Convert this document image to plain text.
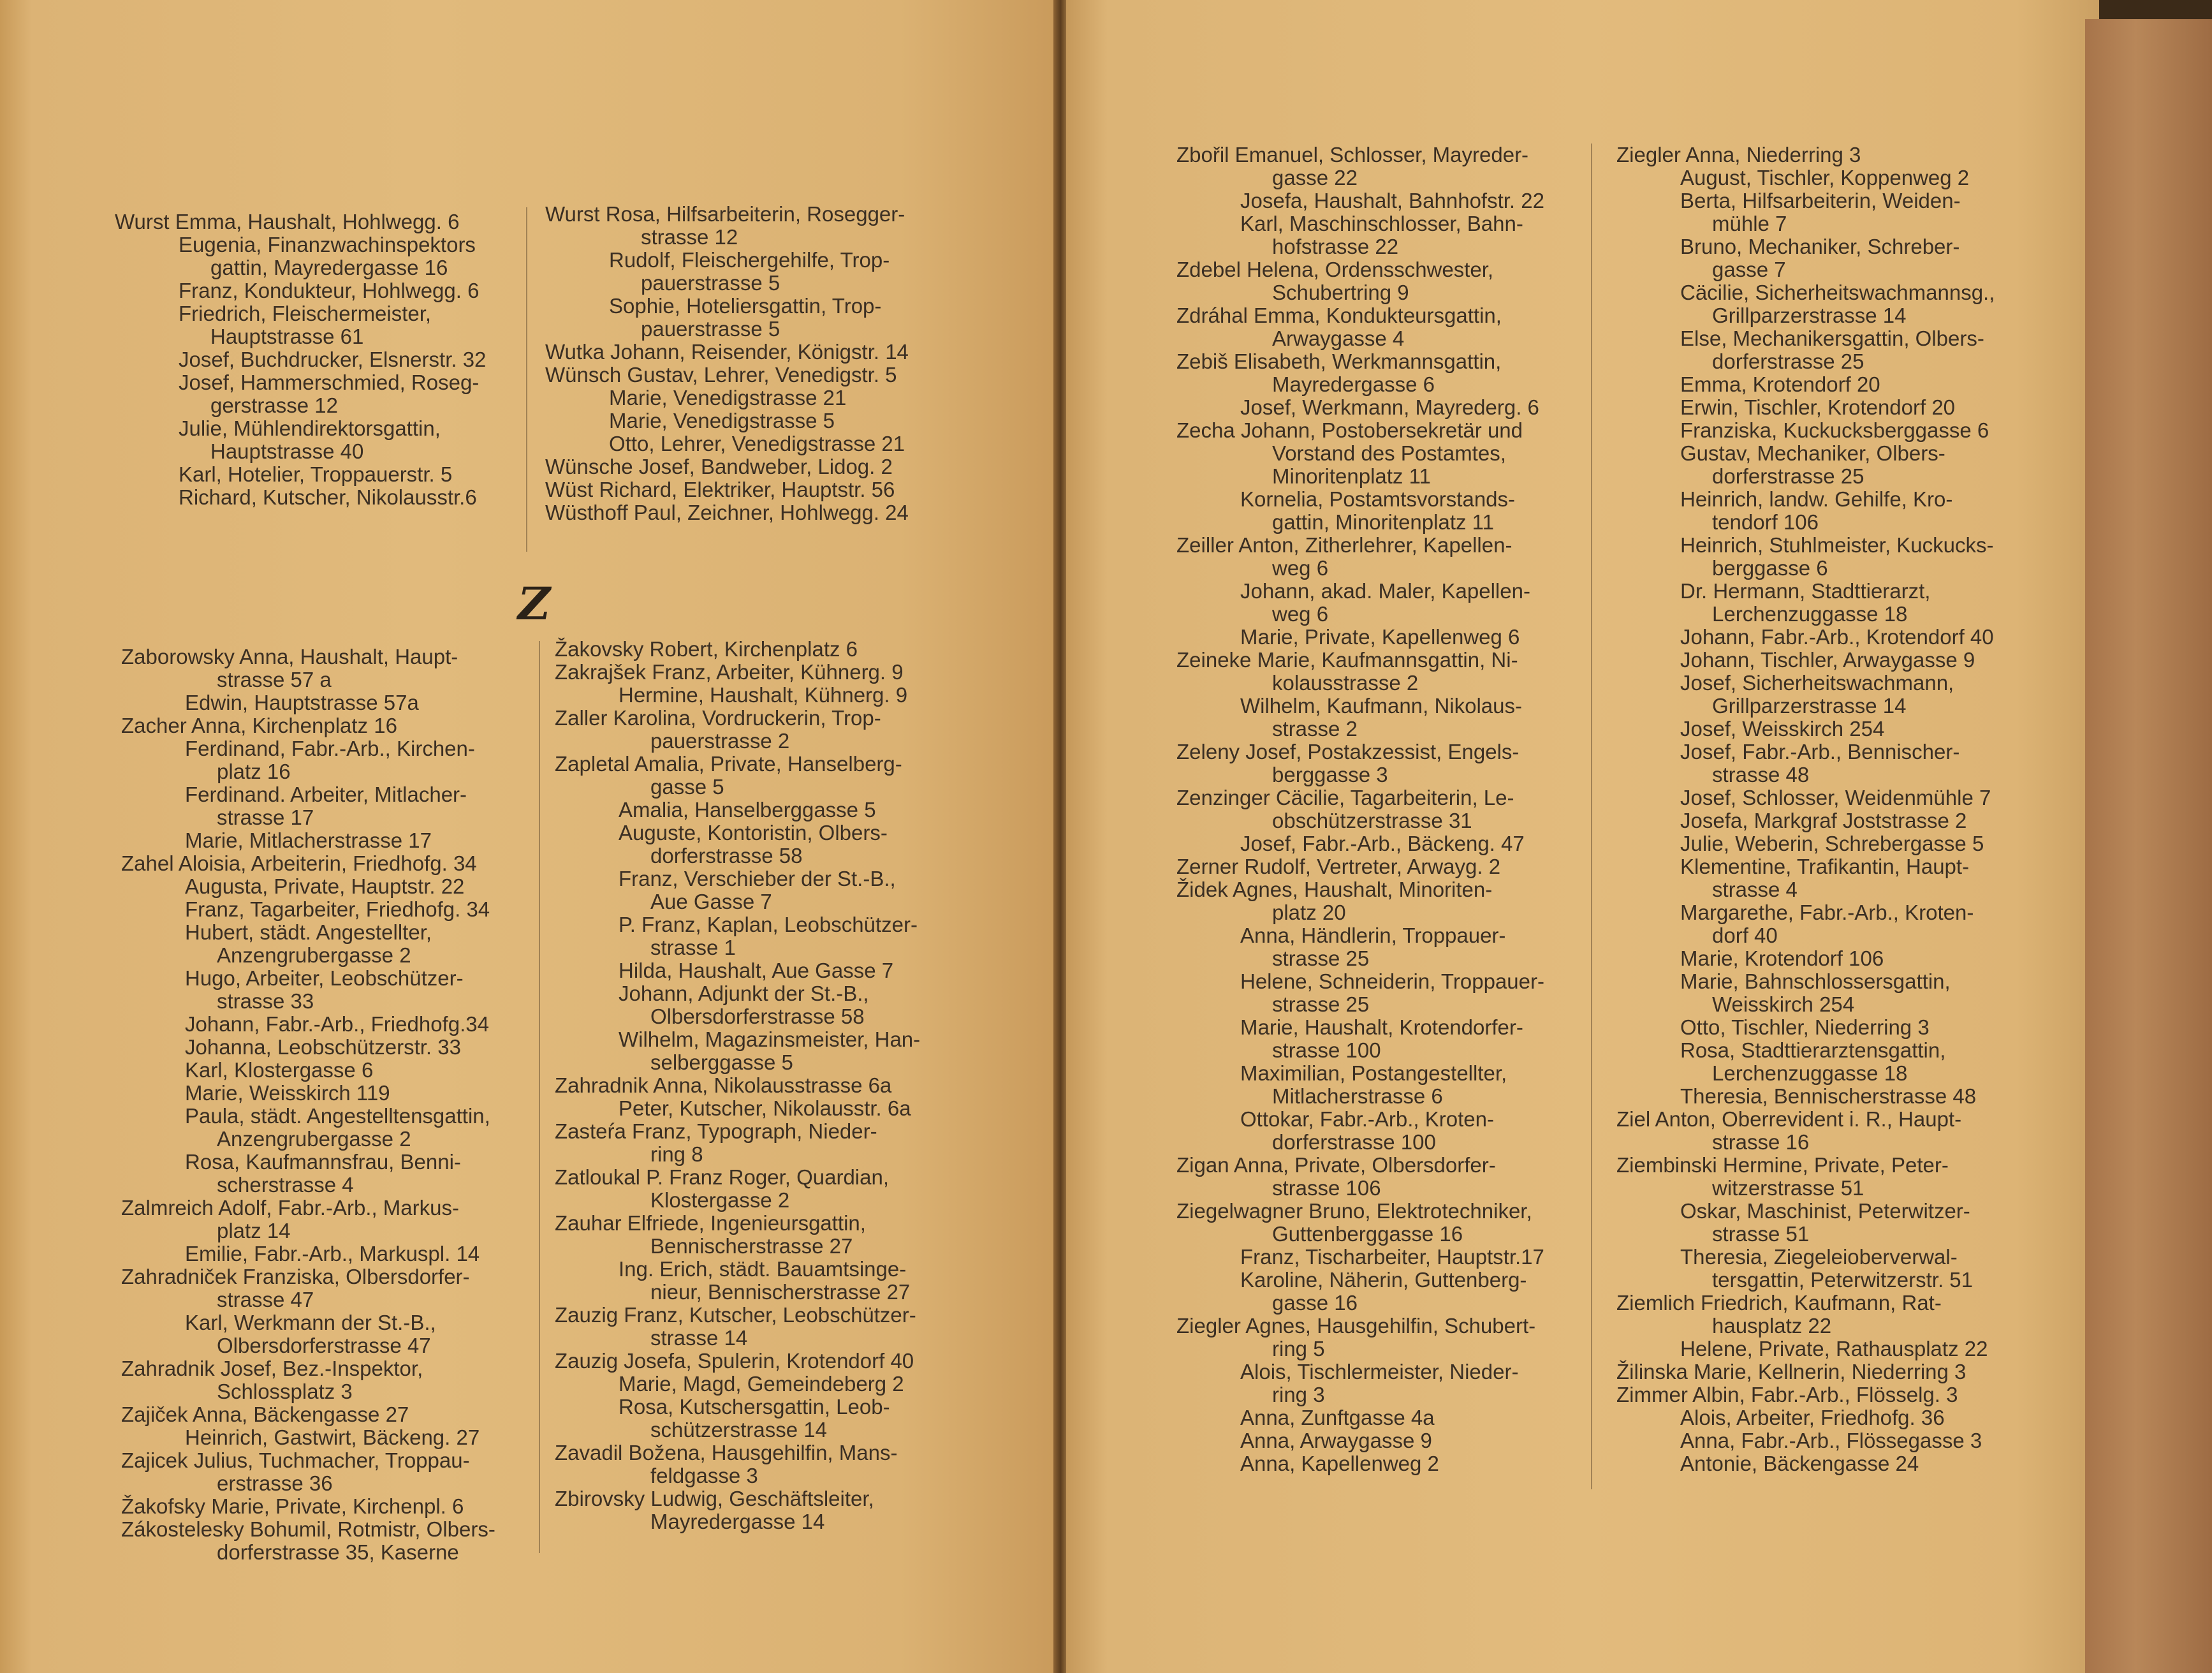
Wurst Emma, Haushalt, Hohlwegg. 6
Eugenia, Finanzwachinspektors
gattin, Mayredergasse 16
Franz, Kondukteur, Hohlwegg. 6
Friedrich, Fleischermeister,
Hauptstrasse 61
Josef, Buchdrucker, Elsnerstr. 32
Josef, Hammerschmied, Roseg-
gerstrasse 12
Julie, Mühlendirektorsgattin,
Hauptstrasse 40
Karl, Hotelier, Troppauerstr. 5
Richard, Kutscher, Nikolausstr.6
Wurst Rosa, Hilfsarbeiterin, Rosegger-
strasse 12
Rudolf, Fleischergehilfe, Trop-
pauerstrasse 5
Sophie, Hoteliersgattin, Trop-
pauerstrasse 5
Wutka Johann, Reisender, Königstr. 14
Wünsch Gustav, Lehrer, Venedigstr. 5
Marie, Venedigstrasse 21
Marie, Venedigstrasse 5
Otto, Lehrer, Venedigstrasse 21
Wünsche Josef, Bandweber, Lidog. 2
Wüst Richard, Elektriker, Hauptstr. 56
Wüsthoff Paul, Zeichner, Hohlwegg. 24
Z
Zaborowsky Anna, Haushalt, Haupt-
strasse 57 a
Edwin, Hauptstrasse 57a
Zacher Anna, Kirchenplatz 16
Ferdinand, Fabr.-Arb., Kirchen-
platz 16
Ferdinand. Arbeiter, Mitlacher-
strasse 17
Marie, Mitlacherstrasse 17
Zahel Aloisia, Arbeiterin, Friedhofg. 34
Augusta, Private, Hauptstr. 22
Franz, Tagarbeiter, Friedhofg. 34
Hubert, städt. Angestellter,
Anzengrubergasse 2
Hugo, Arbeiter, Leobschützer-
strasse 33
Johann, Fabr.-Arb., Friedhofg.34
Johanna, Leobschützerstr. 33
Karl, Klostergasse 6
Marie, Weisskirch 119
Paula, städt. Angestelltensgattin,
Anzengrubergasse 2
Rosa, Kaufmannsfrau, Benni-
scherstrasse 4
Zalmreich Adolf, Fabr.-Arb., Markus-
platz 14
Emilie, Fabr.-Arb., Markuspl. 14
Zahradniček Franziska, Olbersdorfer-
strasse 47
Karl, Werkmann der St.-B.,
Olbersdorferstrasse 47
Zahradnik Josef, Bez.-Inspektor,
Schlossplatz 3
Zajiček Anna, Bäckengasse 27
Heinrich, Gastwirt, Bäckeng. 27
Zajicek Julius, Tuchmacher, Troppau-
erstrasse 36
Žakofsky Marie, Private, Kirchenpl. 6
Zákostelesky Bohumil, Rotmistr, Olbers-
dorferstrasse 35, Kaserne
Žakovsky Robert, Kirchenplatz 6
Zakrajšek Franz, Arbeiter, Kühnerg. 9
Hermine, Haushalt, Kühnerg. 9
Zaller Karolina, Vordruckerin, Trop-
pauerstrasse 2
Zapletal Amalia, Private, Hanselberg-
gasse 5
Amalia, Hanselberggasse 5
Auguste, Kontoristin, Olbers-
dorferstrasse 58
Franz, Verschieber der St.-B.,
Aue Gasse 7
P. Franz, Kaplan, Leobschützer-
strasse 1
Hilda, Haushalt, Aue Gasse 7
Johann, Adjunkt der St.-B.,
Olbersdorferstrasse 58
Wilhelm, Magazinsmeister, Han-
selberggasse 5
Zahradnik Anna, Nikolausstrasse 6a
Peter, Kutscher, Nikolausstr. 6a
Zasteŕa Franz, Typograph, Nieder-
ring 8
Zatloukal P. Franz Roger, Quardian,
Klostergasse 2
Zauhar Elfriede, Ingenieursgattin,
Bennischerstrasse 27
Ing. Erich, städt. Bauamtsinge-
nieur, Bennischerstrasse 27
Zauzig Franz, Kutscher, Leobschützer-
strasse 14
Zauzig Josefa, Spulerin, Krotendorf 40
Marie, Magd, Gemeindeberg 2
Rosa, Kutschersgattin, Leob-
schützerstrasse 14
Zavadil Božena, Hausgehilfin, Mans-
feldgasse 3
Zbirovsky Ludwig, Geschäftsleiter,
Mayredergasse 14
Zbořil Emanuel, Schlosser, Mayreder-
gasse 22
Josefa, Haushalt, Bahnhofstr. 22
Karl, Maschinschlosser, Bahn-
hofstrasse 22
Zdebel Helena, Ordensschwester,
Schubertring 9
Zdráhal Emma, Kondukteursgattin,
Arwaygasse 4
Zebiš Elisabeth, Werkmannsgattin,
Mayredergasse 6
Josef, Werkmann, Mayrederg. 6
Zecha Johann, Postobersekretär und
Vorstand des Postamtes,
Minoritenplatz 11
Kornelia, Postamtsvorstands-
gattin, Minoritenplatz 11
Zeiller Anton, Zitherlehrer, Kapellen-
weg 6
Johann, akad. Maler, Kapellen-
weg 6
Marie, Private, Kapellenweg 6
Zeineke Marie, Kaufmannsgattin, Ni-
kolausstrasse 2
Wilhelm, Kaufmann, Nikolaus-
strasse 2
Zeleny Josef, Postakzessist, Engels-
berggasse 3
Zenzinger Cäcilie, Tagarbeiterin, Le-
obschützerstrasse 31
Josef, Fabr.-Arb., Bäckeng. 47
Zerner Rudolf, Vertreter, Arwayg. 2
Židek Agnes, Haushalt, Minoriten-
platz 20
Anna, Händlerin, Troppauer-
strasse 25
Helene, Schneiderin, Troppauer-
strasse 25
Marie, Haushalt, Krotendorfer-
strasse 100
Maximilian, Postangestellter,
Mitlacherstrasse 6
Ottokar, Fabr.-Arb., Kroten-
dorferstrasse 100
Zigan Anna, Private, Olbersdorfer-
strasse 106
Ziegelwagner Bruno, Elektrotechniker,
Guttenberggasse 16
Franz, Tischarbeiter, Hauptstr.17
Karoline, Näherin, Guttenberg-
gasse 16
Ziegler Agnes, Hausgehilfin, Schubert-
ring 5
Alois, Tischlermeister, Nieder-
ring 3
Anna, Zunftgasse 4a
Anna, Arwaygasse 9
Anna, Kapellenweg 2
Ziegler Anna, Niederring 3
August, Tischler, Koppenweg 2
Berta, Hilfsarbeiterin, Weiden-
mühle 7
Bruno, Mechaniker, Schreber-
gasse 7
Cäcilie, Sicherheitswachmannsg.,
Grillparzerstrasse 14
Else, Mechanikersgattin, Olbers-
dorferstrasse 25
Emma, Krotendorf 20
Erwin, Tischler, Krotendorf 20
Franziska, Kuckucksberggasse 6
Gustav, Mechaniker, Olbers-
dorferstrasse 25
Heinrich, landw. Gehilfe, Kro-
tendorf 106
Heinrich, Stuhlmeister, Kuckucks-
berggasse 6
Dr. Hermann, Stadttierarzt,
Lerchenzuggasse 18
Johann, Fabr.-Arb., Krotendorf 40
Johann, Tischler, Arwaygasse 9
Josef, Sicherheitswachmann,
Grillparzerstrasse 14
Josef, Weisskirch 254
Josef, Fabr.-Arb., Bennischer-
strasse 48
Josef, Schlosser, Weidenmühle 7
Josefa, Markgraf Joststrasse 2
Julie, Weberin, Schrebergasse 5
Klementine, Trafikantin, Haupt-
strasse 4
Margarethe, Fabr.-Arb., Kroten-
dorf 40
Marie, Krotendorf 106
Marie, Bahnschlossersgattin,
Weisskirch 254
Otto, Tischler, Niederring 3
Rosa, Stadttierarztensgattin,
Lerchenzuggasse 18
Theresia, Bennischerstrasse 48
Ziel Anton, Oberrevident i. R., Haupt-
strasse 16
Ziembinski Hermine, Private, Peter-
witzerstrasse 51
Oskar, Maschinist, Peterwitzer-
strasse 51
Theresia, Ziegeleioberverwal-
tersgattin, Peterwitzerstr. 51
Ziemlich Friedrich, Kaufmann, Rat-
hausplatz 22
Helene, Private, Rathausplatz 22
Žilinska Marie, Kellnerin, Niederring 3
Zimmer Albin, Fabr.-Arb., Flösselg. 3
Alois, Arbeiter, Friedhofg. 36
Anna, Fabr.-Arb., Flössegasse 3
Antonie, Bäckengasse 24
